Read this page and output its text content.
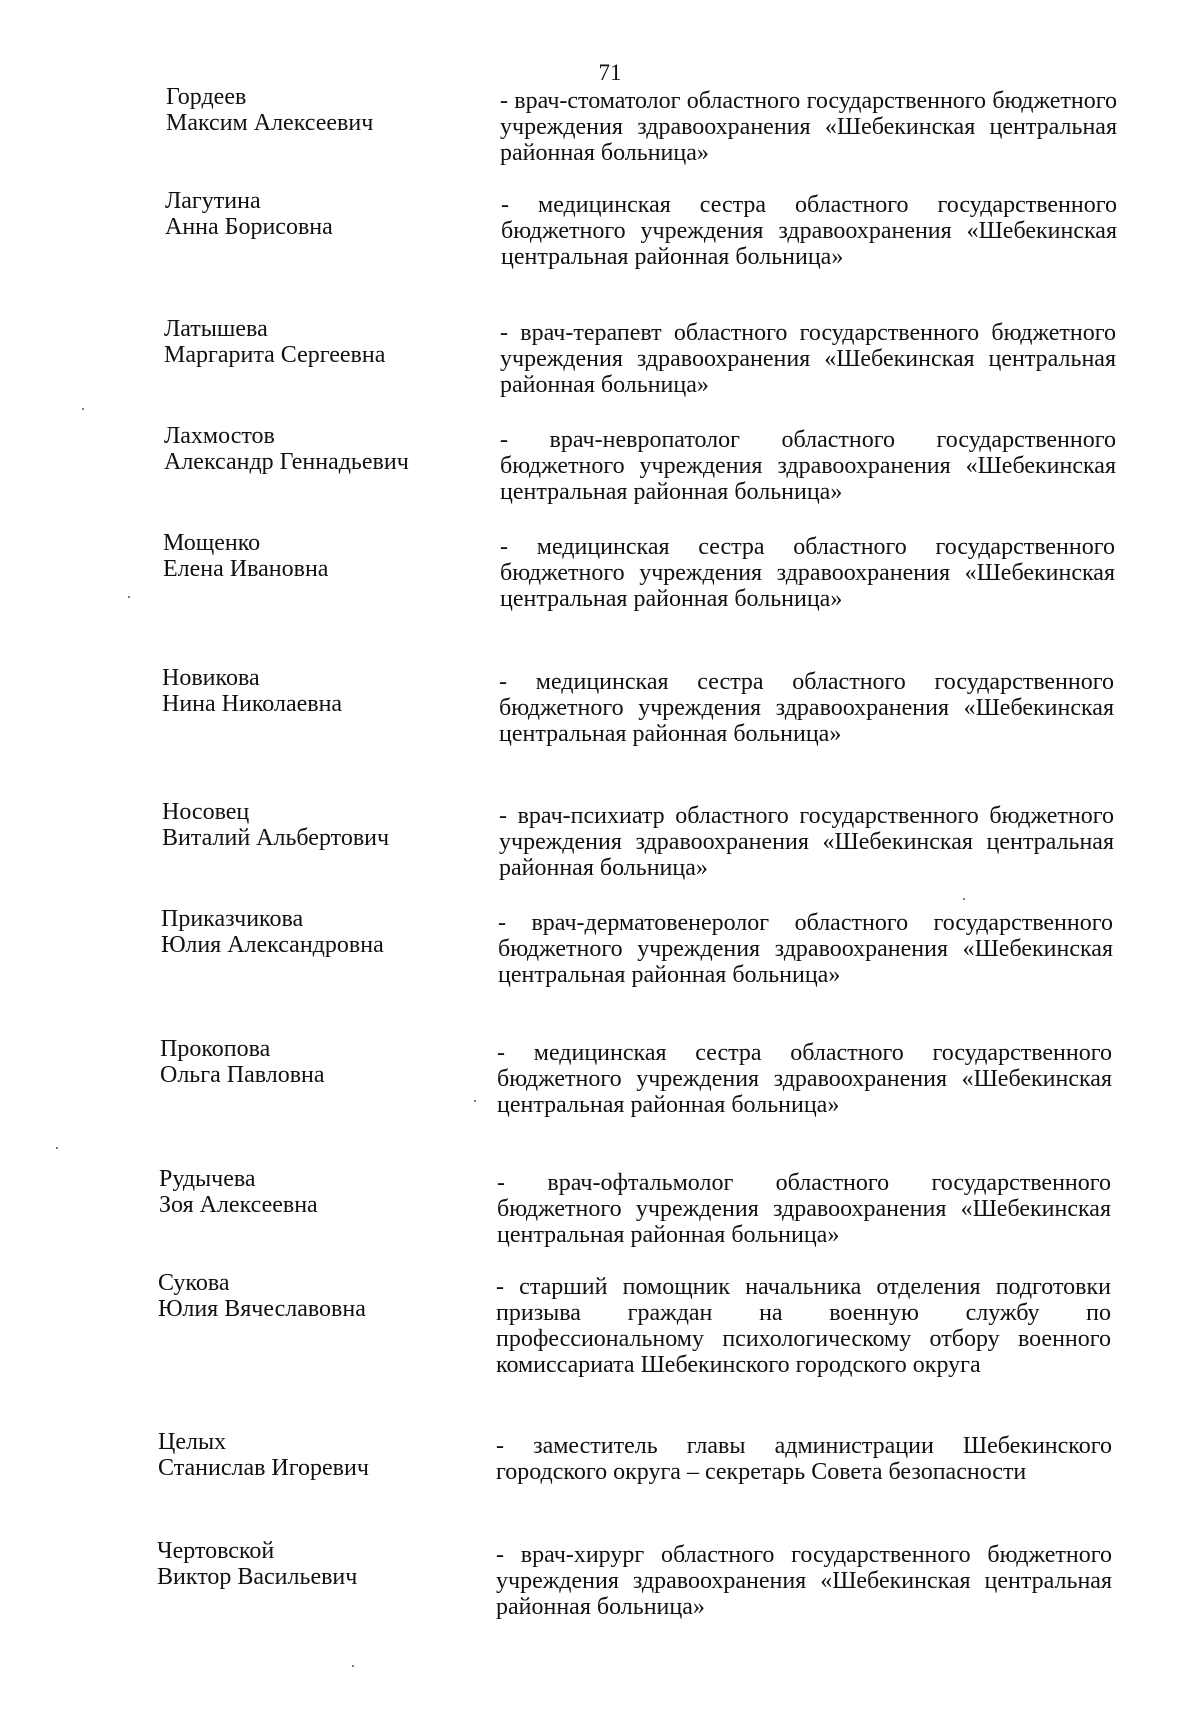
71
Гордеев
Максим Алексеевич
- врач-стоматолог областного государственного бюджетного учреждения здравоохранения «Шебекинская центральная районная больница»
Лагутина
Анна Борисовна
- медицинская сестра областного государственного бюджетного учреждения здравоохранения «Шебекинская центральная районная больница»
Латышева
Маргарита Сергеевна
- врач-терапевт областного государственного бюджетного учреждения здравоохранения «Шебекинская центральная районная больница»
Лахмостов
Александр Геннадьевич
- врач-невропатолог областного государственного бюджетного учреждения здравоохранения «Шебекинская центральная районная больница»
Мощенко
Елена Ивановна
- медицинская сестра областного государственного бюджетного учреждения здравоохранения «Шебекинская центральная районная больница»
Новикова
Нина Николаевна
- медицинская сестра областного государственного бюджетного учреждения здравоохранения «Шебекинская центральная районная больница»
Носовец
Виталий Альбертович
- врач-психиатр областного государственного бюджетного учреждения здравоохранения «Шебекинская центральная районная больница»
Приказчикова
Юлия Александровна
- врач-дерматовенеролог областного государственного бюджетного учреждения здравоохранения «Шебекинская центральная районная больница»
Прокопова
Ольга Павловна
- медицинская сестра областного государственного бюджетного учреждения здравоохранения «Шебекинская центральная районная больница»
Рудычева
Зоя Алексеевна
- врач-офтальмолог областного государственного бюджетного учреждения здравоохранения «Шебекинская центральная районная больница»
Сукова
Юлия Вячеславовна
- старший помощник начальника отделения подготовки призыва граждан на военную службу по профессиональному психологическому отбору военного комиссариата Шебекинского городского округа
Целых
Станислав Игоревич
- заместитель главы администрации Шебекинского городского округа – секретарь Совета безопасности
Чертовской
Виктор Васильевич
- врач-хирург областного государственного бюджетного учреждения здравоохранения «Шебекинская центральная районная больница»
